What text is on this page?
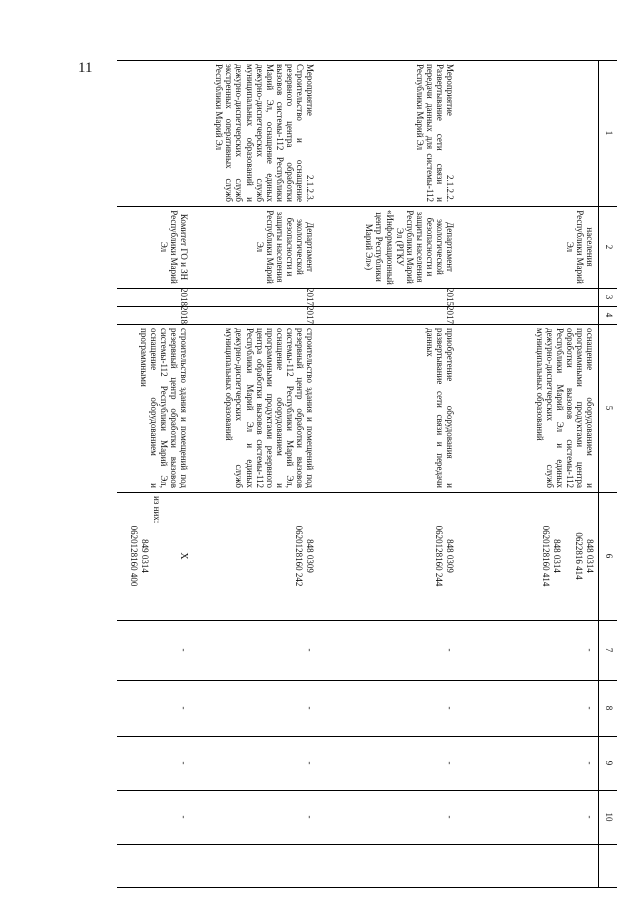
11
1
2
3
4
5
6
7
8
9
10
населения Республики Марий Эл
оснащение оборудованием и программными продуктами центра обработки вызовов системы-112 Республики Марий Эл и единых дежурно-диспетчерских служб муниципальных образований
848 0314
0622816 414
848 0314
0620128160 414
-
-
-
-
Мероприятие 2.1.2.2. Развертывание сети связи и передачи данных для системы-112 Республики Марий Эл
Департамент экологической безопасности и защиты населения Республики Марий Эл (РГКУ «Информационный центр Республики Марий Эл»)
2015
2017
приобретение оборудования и развертывание сети связи и передачи данных
848 0309
0620128160 244
-
-
-
-
Мероприятие 2.1.2.3. Строительство и оснащение резервного центра обработки вызовов системы-112 Республики Марий Эл, оснащение единых дежурно-диспетчерских служб муниципальных образований и дежурно-диспетчерских служб экстренных оперативных служб Республики Марий Эл
Департамент экологической безопасности и защиты населения Республики Марий Эл
2017
2017
строительство здания и помещений под резервный центр обработки вызовов системы-112 Республики Марий Эл, оснащение оборудованием и программными продуктами резервного центра обработки вызовов системы-112 Республики Марий Эл и единых дежурно-диспетчерских служб муниципальных образований
848 0309
0620128160 242
-
-
-
-
Комитет ГО и ЗН Республики Марий Эл
2018
2018
строительство здания и помещений под резервный центр обработки вызовов системы-112 Республики Марий Эл, оснащение оборудованием и программными
X
из них:
849 0314
0620128160 400
-
-
-
-
